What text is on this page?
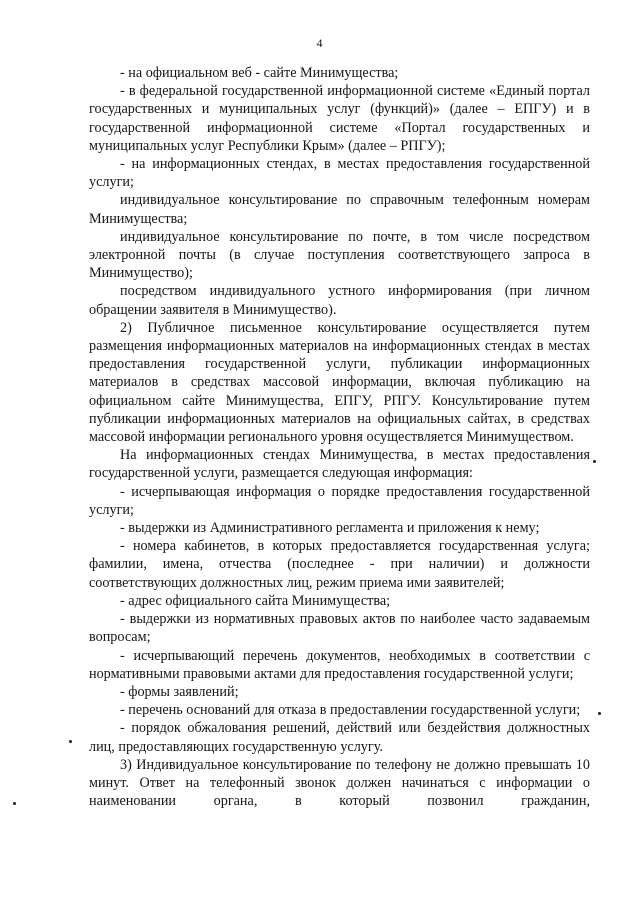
4
- на официальном веб - сайте Минимущества;
- в федеральной государственной информационной системе «Единый портал государственных и муниципальных услуг (функций)» (далее – ЕПГУ) и в государственной информационной системе «Портал государственных и муниципальных услуг Республики Крым» (далее – РПГУ);
- на информационных стендах, в местах предоставления государственной услуги;
индивидуальное консультирование по справочным телефонным номерам Минимущества;
индивидуальное консультирование по почте, в том числе посредством электронной почты (в случае поступления соответствующего запроса в Минимущество);
посредством индивидуального устного информирования (при личном обращении заявителя в Минимущество).
2) Публичное письменное консультирование осуществляется путем размещения информационных материалов на информационных стендах в местах предоставления государственной услуги, публикации информационных материалов в средствах массовой информации, включая публикацию на официальном сайте Минимущества, ЕПГУ, РПГУ. Консультирование путем публикации информационных материалов на официальных сайтах, в средствах массовой информации регионального уровня осуществляется Минимуществом.
На информационных стендах Минимущества, в местах предоставления государственной услуги, размещается следующая информация:
- исчерпывающая информация о порядке предоставления государственной услуги;
- выдержки из Административного регламента и приложения к нему;
- номера кабинетов, в которых предоставляется государственная услуга; фамилии, имена, отчества (последнее - при наличии) и должности соответствующих должностных лиц, режим приема ими заявителей;
- адрес официального сайта Минимущества;
- выдержки из нормативных правовых актов по наиболее часто задаваемым вопросам;
- исчерпывающий перечень документов, необходимых в соответствии с нормативными правовыми актами для предоставления государственной услуги;
- формы заявлений;
- перечень оснований для отказа в предоставлении государственной услуги;
- порядок обжалования решений, действий или бездействия должностных лиц, предоставляющих государственную услугу.
3) Индивидуальное консультирование по телефону не должно превышать 10 минут. Ответ на телефонный звонок должен начинаться с информации о наименовании органа, в который позвонил гражданин,
